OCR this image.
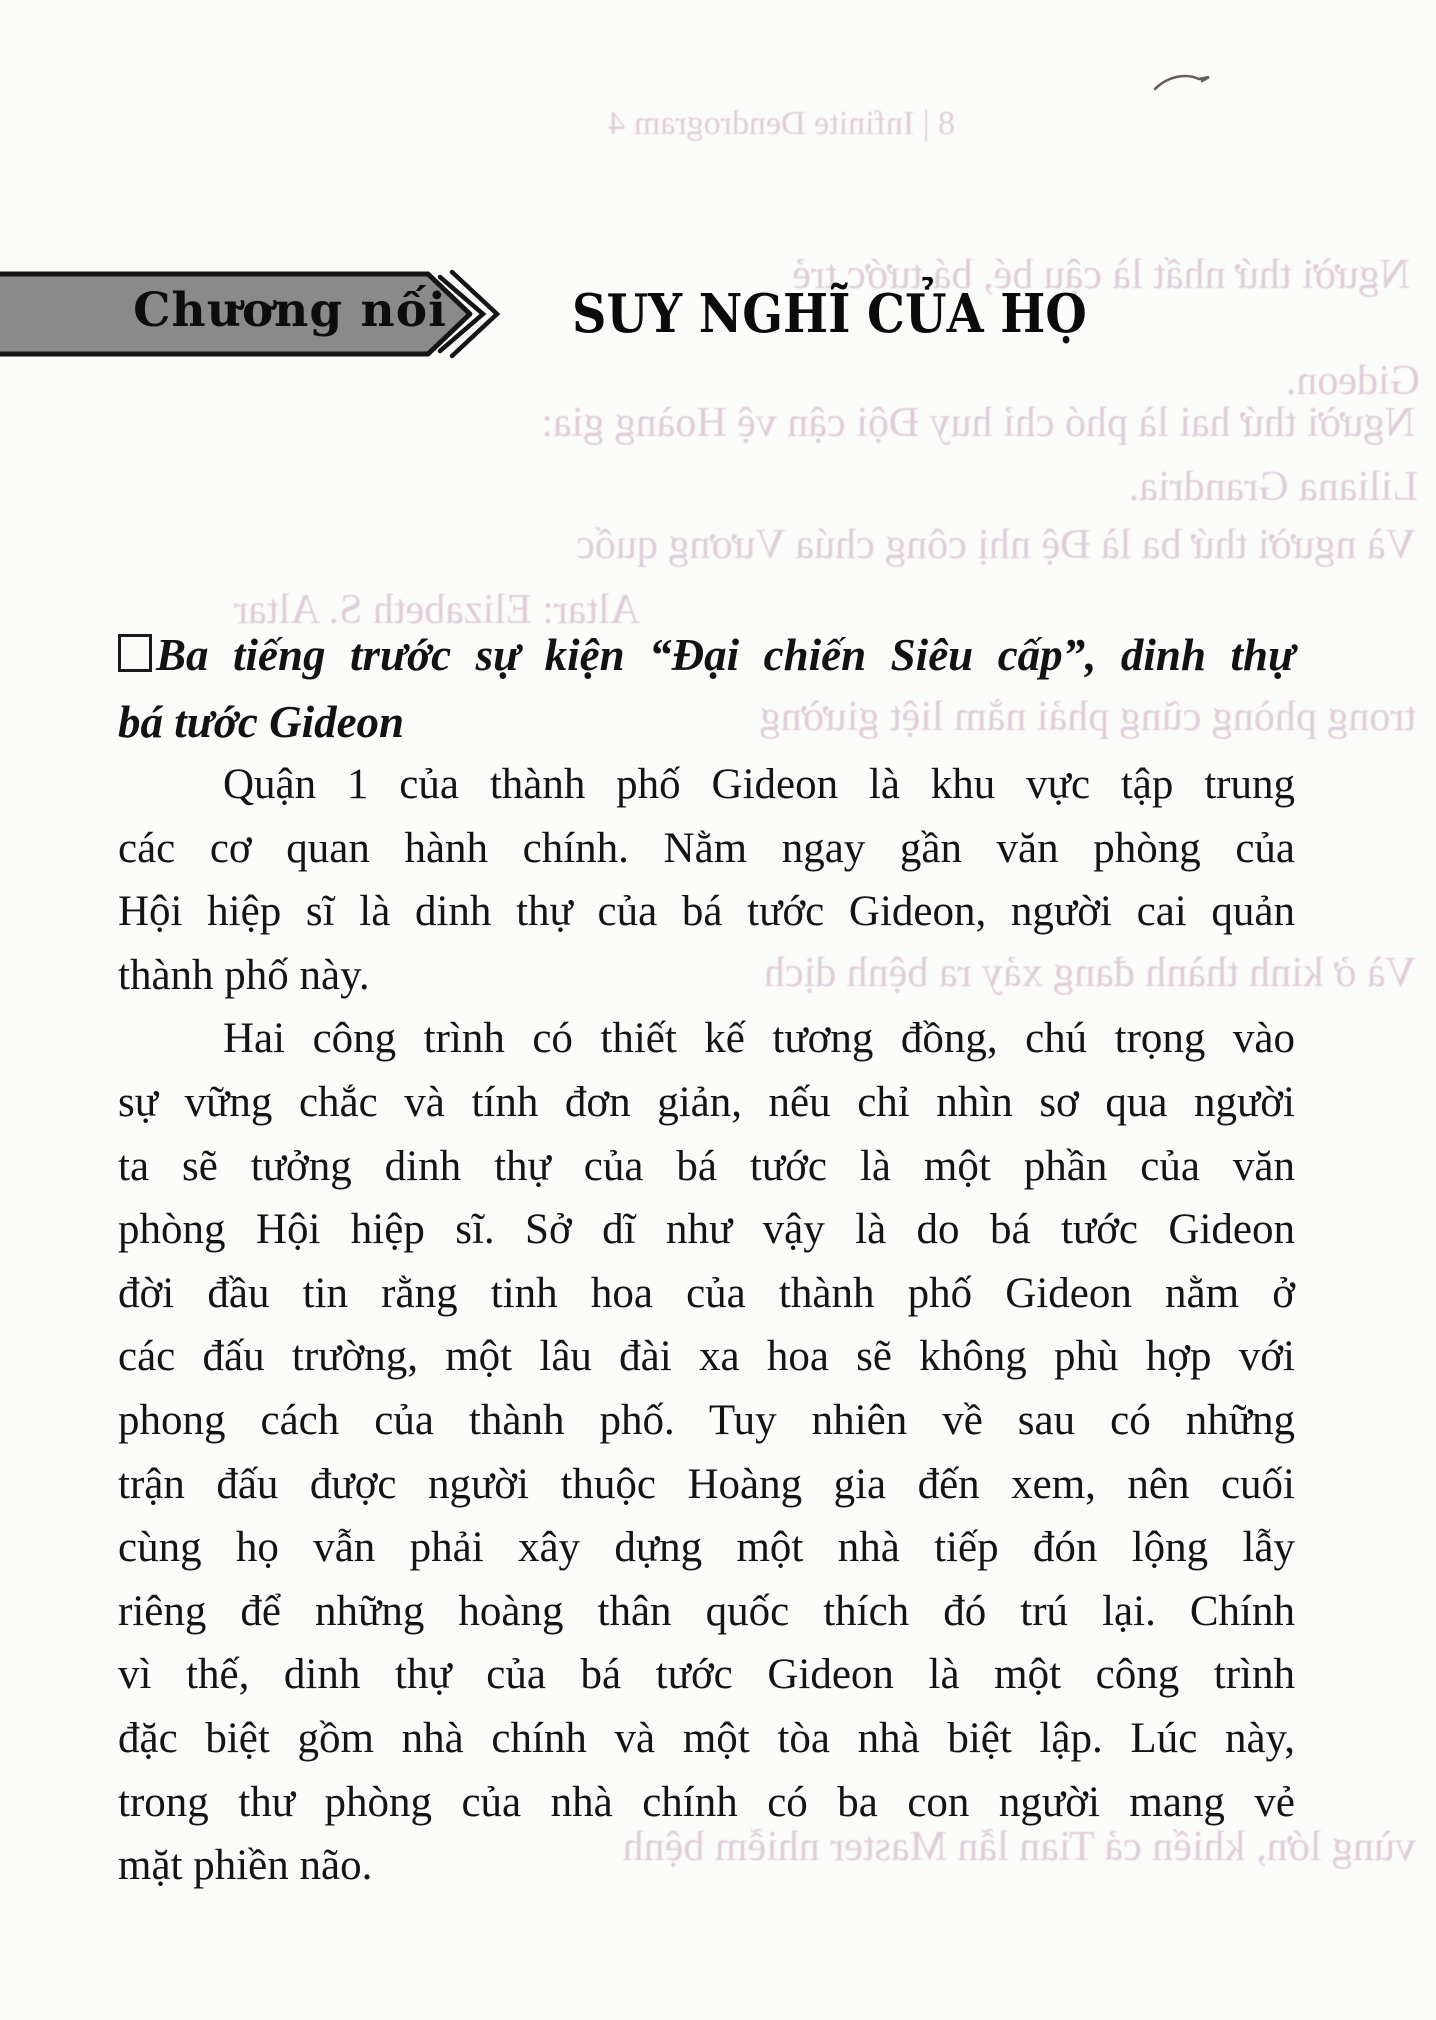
8 | Infinite Dendrogram 4
Người thứ nhất là cậu bé, bá tước trẻ
Gideon.
Người thứ hai là phó chỉ huy Đội cận vệ Hoàng gia:
Liliana Grandria.
Và người thứ ba là Đệ nhị công chúa Vương quốc
Altar: Elizabeth S. Altar
trong phòng cũng phải nằm liệt giường
Và ở kinh thành đang xảy ra bệnh dịch
vùng lớn, khiến cả Tian lẫn Master nhiễm bệnh
Chương nối SUY NGHĨ CỦA HỌ
Ba tiếng trước sự kiện “Đại chiến Siêu cấp”, dinh thự
bá tước Gideon
Quận 1 của thành phố Gideon là khu vực tập trung
các cơ quan hành chính. Nằm ngay gần văn phòng của
Hội hiệp sĩ là dinh thự của bá tước Gideon, người cai quản
thành phố này.
Hai công trình có thiết kế tương đồng, chú trọng vào
sự vững chắc và tính đơn giản, nếu chỉ nhìn sơ qua người
ta sẽ tưởng dinh thự của bá tước là một phần của văn
phòng Hội hiệp sĩ. Sở dĩ như vậy là do bá tước Gideon
đời đầu tin rằng tinh hoa của thành phố Gideon nằm ở
các đấu trường, một lâu đài xa hoa sẽ không phù hợp với
phong cách của thành phố. Tuy nhiên về sau có những
trận đấu được người thuộc Hoàng gia đến xem, nên cuối
cùng họ vẫn phải xây dựng một nhà tiếp đón lộng lẫy
riêng để những hoàng thân quốc thích đó trú lại. Chính
vì thế, dinh thự của bá tước Gideon là một công trình
đặc biệt gồm nhà chính và một tòa nhà biệt lập. Lúc này,
trong thư phòng của nhà chính có ba con người mang vẻ
mặt phiền não.
